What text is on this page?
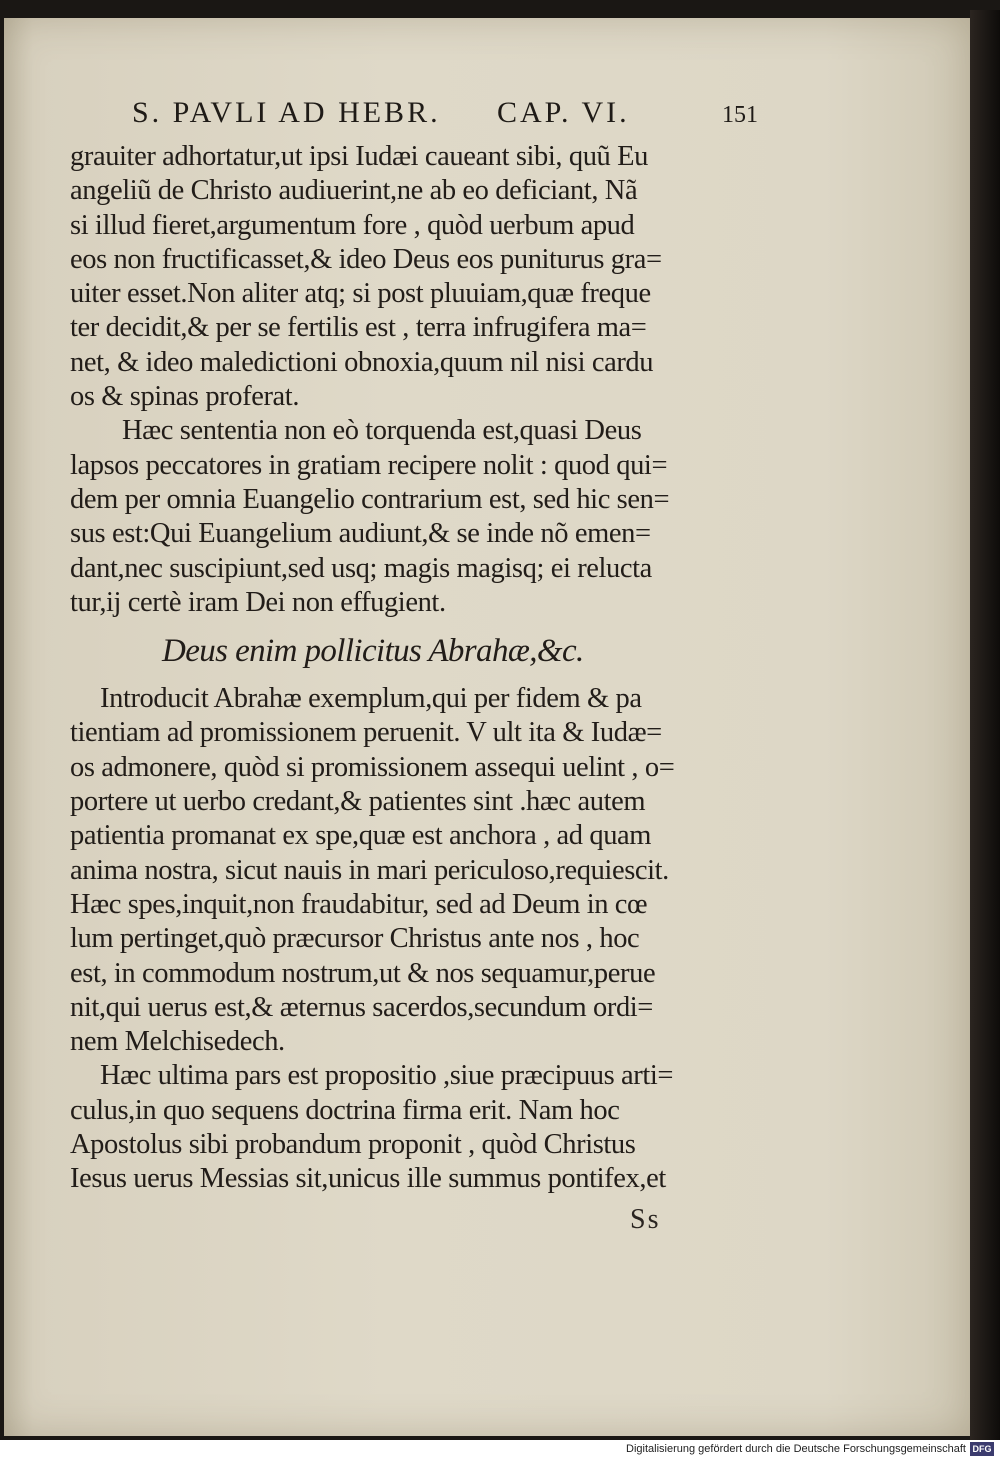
S. PAVLI AD HEBR. CAP. VI.	151
grauiter adhortatur,ut ipsi Iudæi caueant sibi, quũ Eu
angeliũ de Christo audiuerint,ne ab eo deficiant, Nã
si illud fieret,argumentum fore , quòd uerbum apud
eos non fructificasset,& ideo Deus eos puniturus gra=
uiter esset.Non aliter atq; si post pluuiam,quæ freque
ter decidit,& per se fertilis est , terra infrugifera ma=
net, & ideo maledictioni obnoxia,quum nil nisi cardu
os & spinas proferat.
Hæc sententia non eò torquenda est,quasi Deus
lapsos peccatores in gratiam recipere nolit : quod qui=
dem per omnia Euangelio contrarium est, sed hic sen=
sus est:Qui Euangelium audiunt,& se inde nõ emen=
dant,nec suscipiunt,sed usq; magis magisq; ei relucta
tur,ij certè iram Dei non effugient.
Deus enim pollicitus Abrahæ,&c.
Introducit Abrahæ exemplum,qui per fidem & pa
tientiam ad promissionem peruenit. V ult ita & Iudæ=
os admonere, quòd si promissionem assequi uelint , o=
portere ut uerbo credant,& patientes sint .hæc autem
patientia promanat ex spe,quæ est anchora , ad quam
anima nostra, sicut nauis in mari periculoso,requiescit.
Hæc spes,inquit,non fraudabitur, sed ad Deum in cœ
lum pertinget,quò præcursor Christus ante nos , hoc
est, in commodum nostrum,ut & nos sequamur,perue
nit,qui uerus est,& æternus sacerdos,secundum ordi=
nem Melchisedech.
Hæc ultima pars est propositio ,siue præcipuus arti=
culus,in quo sequens doctrina firma erit. Nam hoc
Apostolus sibi probandum proponit , quòd Christus
Iesus uerus Messias sit,unicus ille summus pontifex,et
Ss
Digitalisierung gefördert durch die Deutsche Forschungsgemeinschaft DFG
